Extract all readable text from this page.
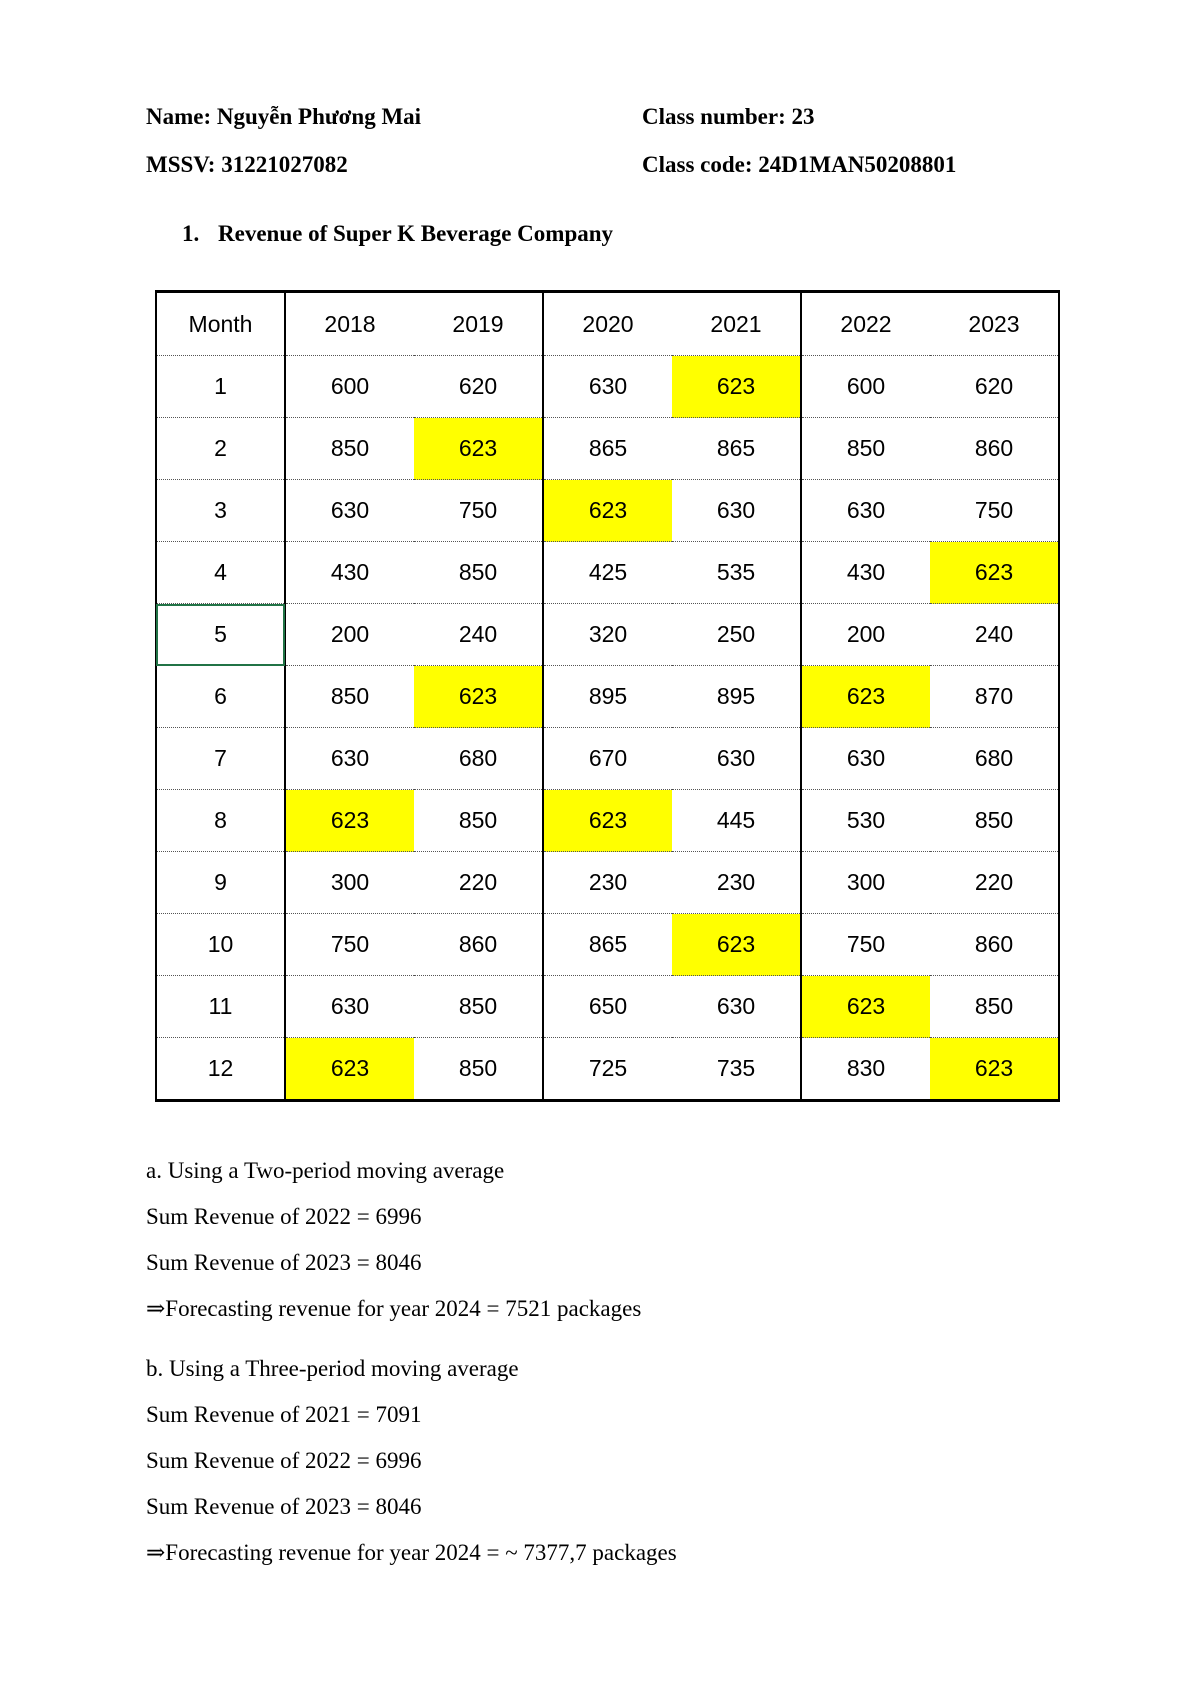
Name: Nguyễn Phương Mai	Class number: 23
MSSV: 31221027082	Class code: 24D1MAN50208801
1. Revenue of Super K Beverage Company
Month	2018	2019	2020	2021	2022	2023
1	600	620	630	623	600	620
2	850	623	865	865	850	860
3	630	750	623	630	630	750
4	430	850	425	535	430	623
5	200	240	320	250	200	240
6	850	623	895	895	623	870
7	630	680	670	630	630	680
8	623	850	623	445	530	850
9	300	220	230	230	300	220
10	750	860	865	623	750	860
11	630	850	650	630	623	850
12	623	850	725	735	830	623
a. Using a Two-period moving average
Sum Revenue of 2022 = 6996
Sum Revenue of 2023 = 8046
⇒Forecasting revenue for year 2024 = 7521 packages
b. Using a Three-period moving average
Sum Revenue of 2021 = 7091
Sum Revenue of 2022 = 6996
Sum Revenue of 2023 = 8046
⇒Forecasting revenue for year 2024 = ~ 7377,7 packages
